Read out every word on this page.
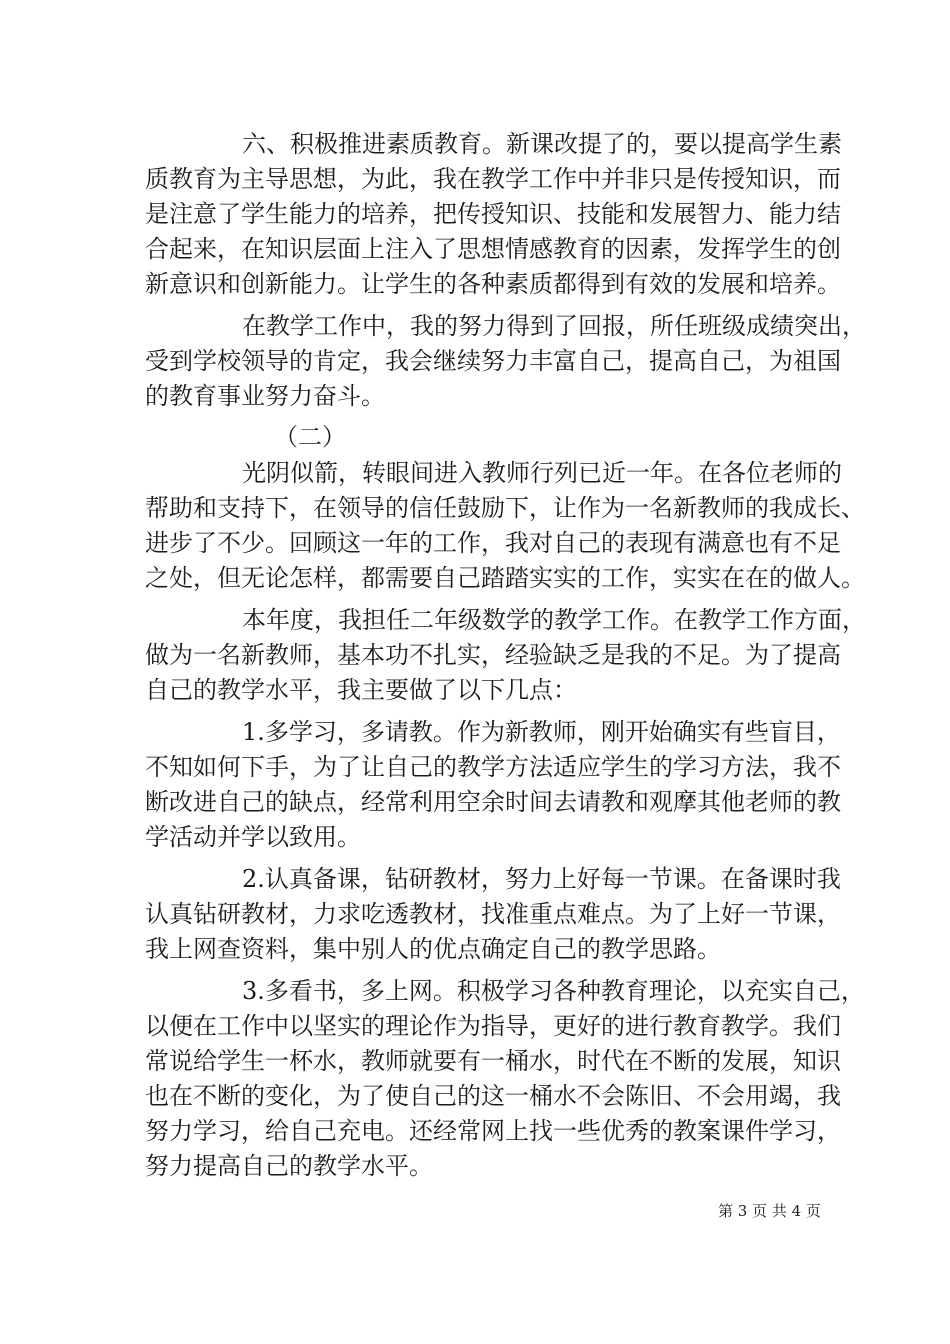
六、积极推进素质教育。新课改提了的，要以提高学生素
质教育为主导思想，为此，我在教学工作中并非只是传授知识，而
是注意了学生能力的培养，把传授知识、技能和发展智力、能力结
合起来，在知识层面上注入了思想情感教育的因素，发挥学生的创
新意识和创新能力。让学生的各种素质都得到有效的发展和培养。
在教学工作中，我的努力得到了回报，所任班级成绩突出，
受到学校领导的肯定，我会继续努力丰富自己，提高自己，为祖国
的教育事业努力奋斗。
（二）
光阴似箭，转眼间进入教师行列已近一年。在各位老师的
帮助和支持下，在领导的信任鼓励下，让作为一名新教师的我成长、
进步了不少。回顾这一年的工作，我对自己的表现有满意也有不足
之处，但无论怎样，都需要自己踏踏实实的工作，实实在在的做人。
本年度，我担任二年级数学的教学工作。在教学工作方面，
做为一名新教师，基本功不扎实，经验缺乏是我的不足。为了提高
自己的教学水平，我主要做了以下几点：
1.多学习，多请教。作为新教师，刚开始确实有些盲目，
不知如何下手，为了让自己的教学方法适应学生的学习方法，我不
断改进自己的缺点，经常利用空余时间去请教和观摩其他老师的教
学活动并学以致用。
2.认真备课，钻研教材，努力上好每一节课。在备课时我
认真钻研教材，力求吃透教材，找准重点难点。为了上好一节课，
我上网查资料，集中别人的优点确定自己的教学思路。
3.多看书，多上网。积极学习各种教育理论，以充实自己，
以便在工作中以坚实的理论作为指导，更好的进行教育教学。我们
常说给学生一杯水，教师就要有一桶水，时代在不断的发展，知识
也在不断的变化，为了使自己的这一桶水不会陈旧、不会用竭，我
努力学习，给自己充电。还经常网上找一些优秀的教案课件学习，
努力提高自己的教学水平。
第 3 页 共 4 页
